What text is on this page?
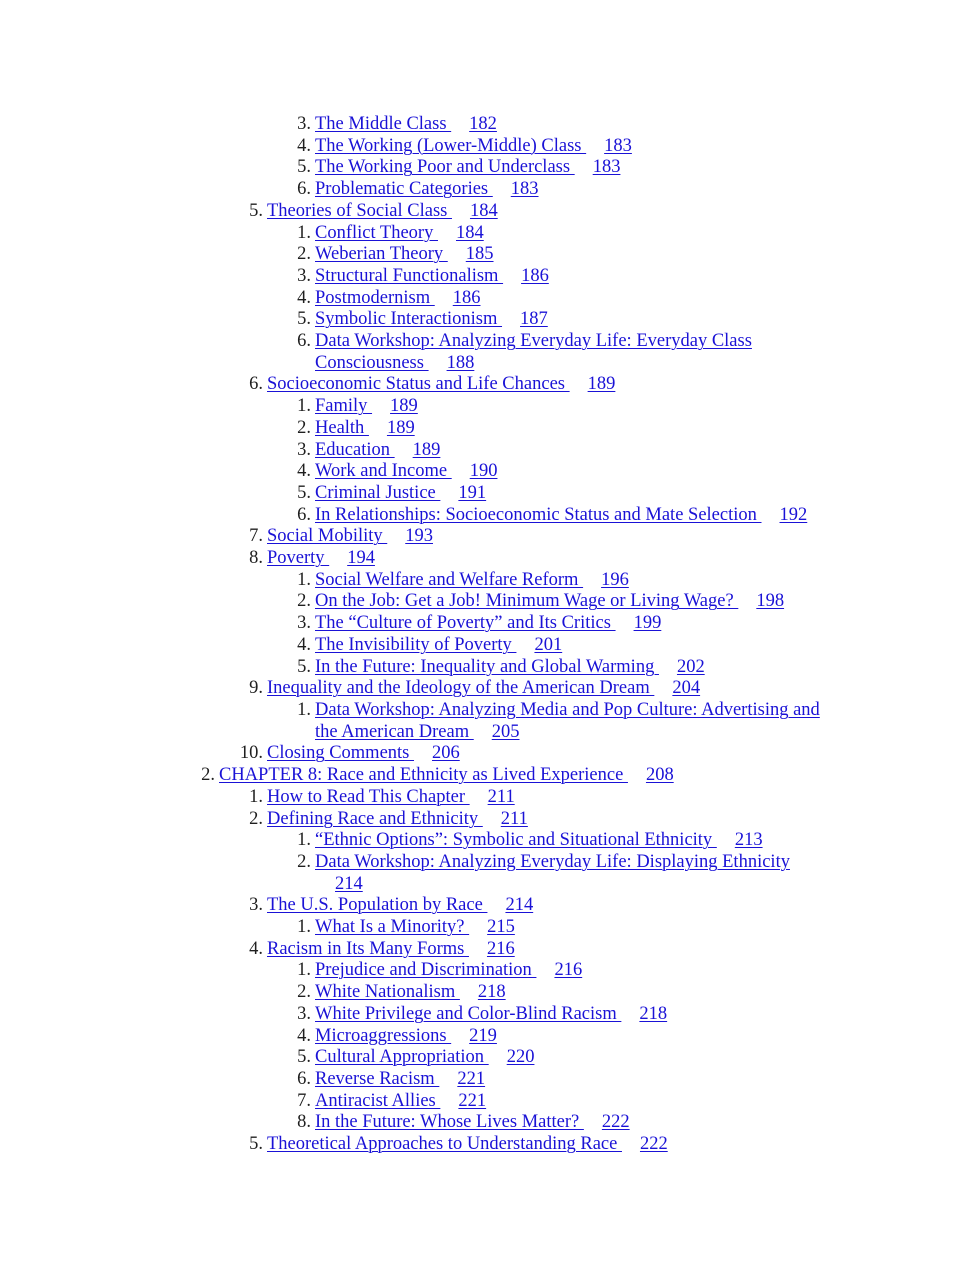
3. The Middle Class 182
4. The Working (Lower-Middle) Class 183
5. The Working Poor and Underclass 183
6. Problematic Categories 183
5. Theories of Social Class 184
1. Conflict Theory 184
2. Weberian Theory 185
3. Structural Functionalism 186
4. Postmodernism 186
5. Symbolic Interactionism 187
6. Data Workshop: Analyzing Everyday Life: Everyday Class
Consciousness 188
6. Socioeconomic Status and Life Chances 189
1. Family 189
2. Health 189
3. Education 189
4. Work and Income 190
5. Criminal Justice 191
6. In Relationships: Socioeconomic Status and Mate Selection 192
7. Social Mobility 193
8. Poverty 194
1. Social Welfare and Welfare Reform 196
2. On the Job: Get a Job! Minimum Wage or Living Wage? 198
3. The “Culture of Poverty” and Its Critics 199
4. The Invisibility of Poverty 201
5. In the Future: Inequality and Global Warming 202
9. Inequality and the Ideology of the American Dream 204
1. Data Workshop: Analyzing Media and Pop Culture: Advertising and
the American Dream 205
10. Closing Comments 206
2. CHAPTER 8: Race and Ethnicity as Lived Experience 208
1. How to Read This Chapter 211
2. Defining Race and Ethnicity 211
1. “Ethnic Options”: Symbolic and Situational Ethnicity 213
2. Data Workshop: Analyzing Everyday Life: Displaying Ethnicity
214
3. The U.S. Population by Race 214
1. What Is a Minority? 215
4. Racism in Its Many Forms 216
1. Prejudice and Discrimination 216
2. White Nationalism 218
3. White Privilege and Color-Blind Racism 218
4. Microaggressions 219
5. Cultural Appropriation 220
6. Reverse Racism 221
7. Antiracist Allies 221
8. In the Future: Whose Lives Matter? 222
5. Theoretical Approaches to Understanding Race 222
